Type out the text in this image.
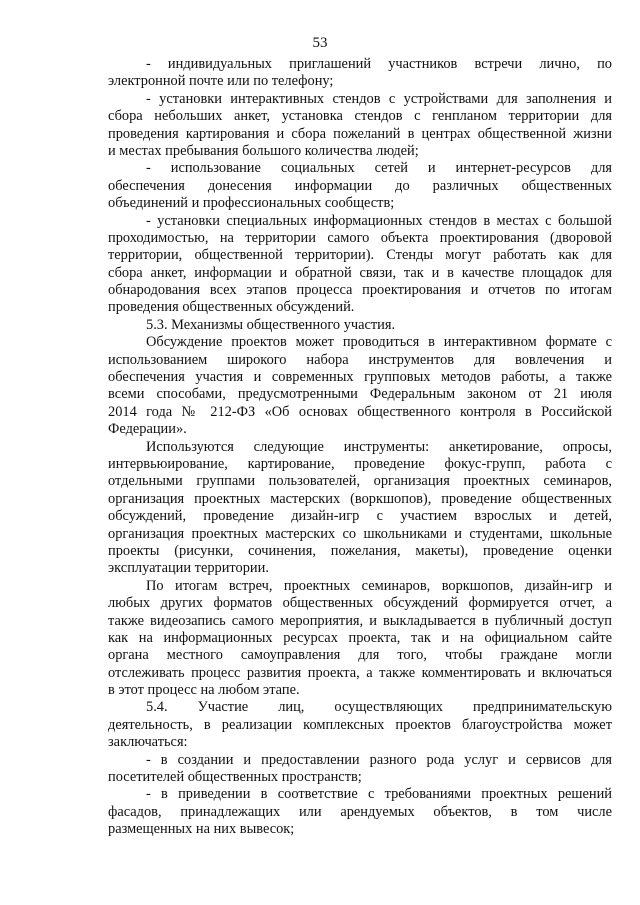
53
- индивидуальных приглашений участников встречи лично, по
электронной почте или по телефону;
- установки интерактивных стендов с устройствами для заполнения и
сбора небольших анкет, установка стендов с генпланом территории для
проведения картирования и сбора пожеланий в центрах общественной жизни
и местах пребывания большого количества людей;
- использование социальных сетей и интернет-ресурсов для
обеспечения донесения информации до различных общественных
объединений и профессиональных сообществ;
- установки специальных информационных стендов в местах с большой
проходимостью, на территории самого объекта проектирования (дворовой
территории, общественной территории). Стенды могут работать как для
сбора анкет, информации и обратной связи, так и в качестве площадок для
обнародования всех этапов процесса проектирования и отчетов по итогам
проведения общественных обсуждений.
5.3. Механизмы общественного участия.
Обсуждение проектов может проводиться в интерактивном формате с
использованием широкого набора инструментов для вовлечения и
обеспечения участия и современных групповых методов работы, а также
всеми способами, предусмотренными Федеральным законом от 21 июля
2014 года № 212-ФЗ «Об основах общественного контроля в Российской
Федерации».
Используются следующие инструменты: анкетирование, опросы,
интервьюирование, картирование, проведение фокус-групп, работа с
отдельными группами пользователей, организация проектных семинаров,
организация проектных мастерских (воркшопов), проведение общественных
обсуждений, проведение дизайн-игр с участием взрослых и детей,
организация проектных мастерских со школьниками и студентами, школьные
проекты (рисунки, сочинения, пожелания, макеты), проведение оценки
эксплуатации территории.
По итогам встреч, проектных семинаров, воркшопов, дизайн-игр и
любых других форматов общественных обсуждений формируется отчет, а
также видеозапись самого мероприятия, и выкладывается в публичный доступ
как на информационных ресурсах проекта, так и на официальном сайте
органа местного самоуправления для того, чтобы граждане могли
отслеживать процесс развития проекта, а также комментировать и включаться
в этот процесс на любом этапе.
5.4. Участие лиц, осуществляющих предпринимательскую
деятельность, в реализации комплексных проектов благоустройства может
заключаться:
- в создании и предоставлении разного рода услуг и сервисов для
посетителей общественных пространств;
- в приведении в соответствие с требованиями проектных решений
фасадов, принадлежащих или арендуемых объектов, в том числе
размещенных на них вывесок;
